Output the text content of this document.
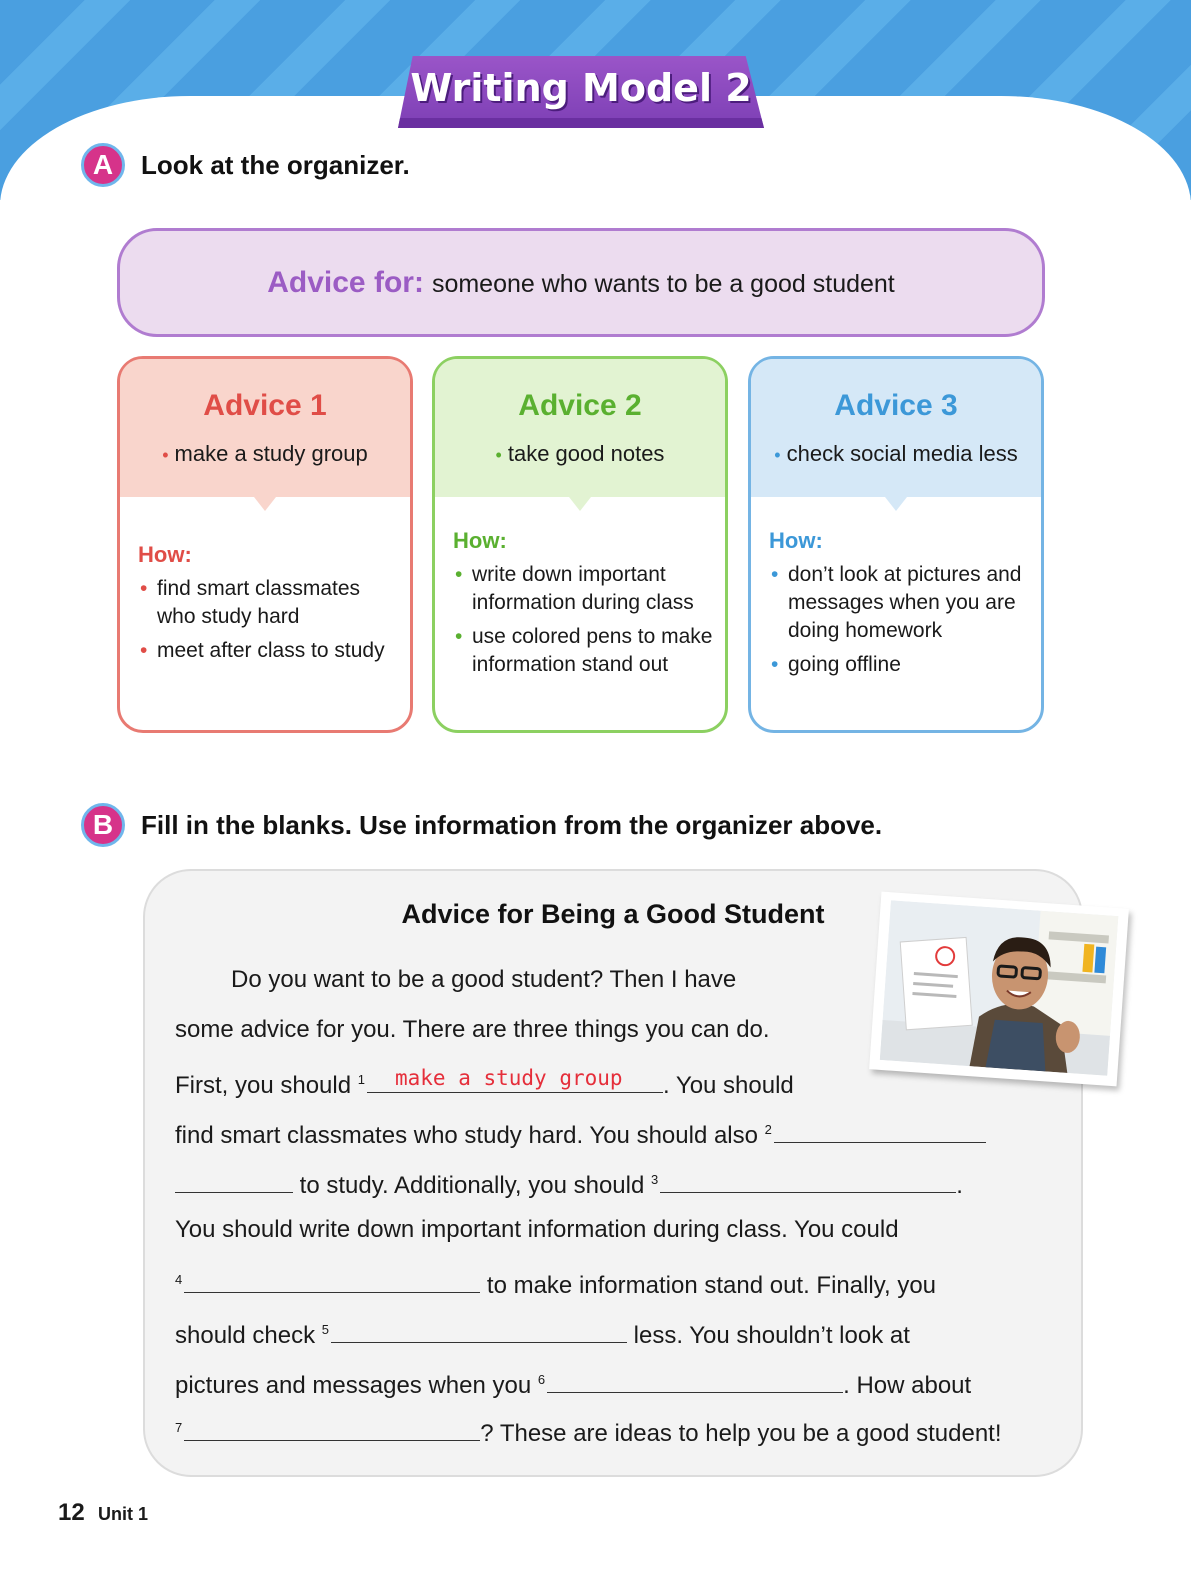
Writing Model 2
A	Look at the organizer.
Advice for: someone who wants to be a good student
Advice 1
• make a study group
How:
• find smart classmates who study hard
• meet after class to study
Advice 2
• take good notes
How:
• write down important information during class
• use colored pens to make information stand out
Advice 3
• check social media less
How:
• don’t look at pictures and messages when you are doing homework
• going offline
B	Fill in the blanks. Use information from the organizer above.
Advice for Being a Good Student
Do you want to be a good student? Then I have
some advice for you. There are three things you can do.
First, you should $^1$ make a study group . You should
find smart classmates who study hard. You should also $^2$
to study. Additionally, you should $^3$	.
You should write down important information during class. You could
$^4$	to make information stand out. Finally, you
should check $^5$	less. You shouldn’t look at
pictures and messages when you $^6$	. How about
$^7$	? These are ideas to help you be a good student!
12 Unit 1
